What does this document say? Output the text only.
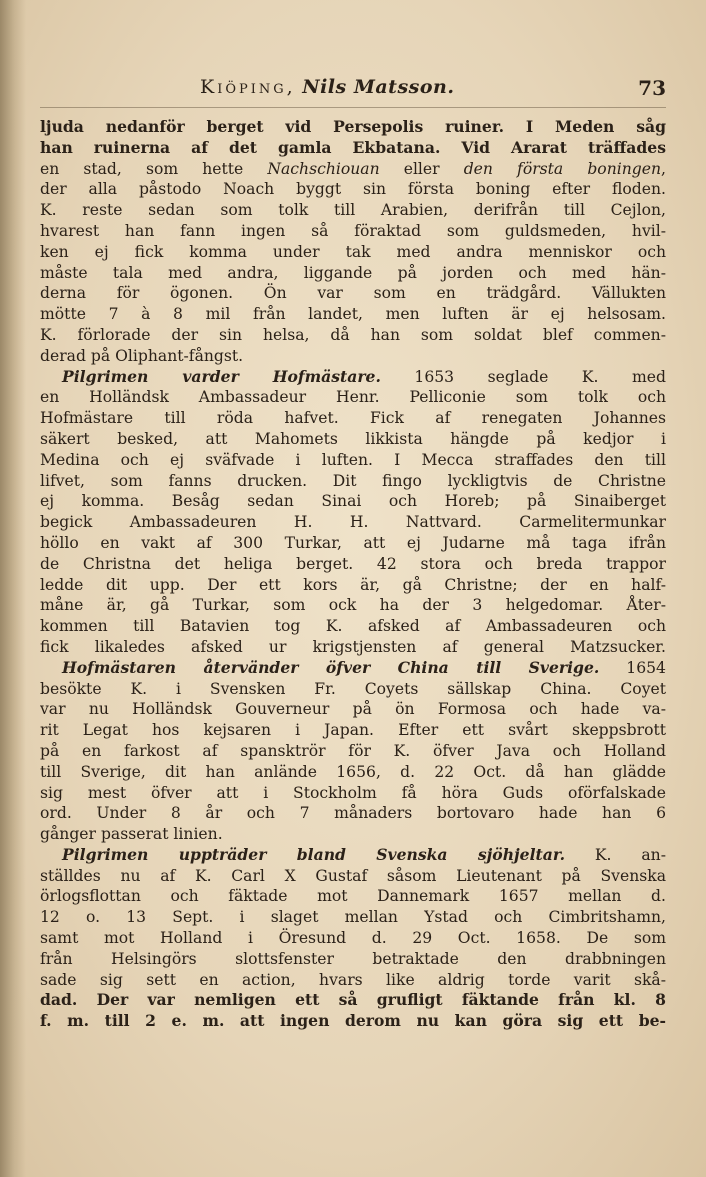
Kiöping, Nils Matsson.	73
ljuda nedanför berget vid Persepolis ruiner. I Meden såg
han ruinerna af det gamla Ekbatana. Vid Ararat träffades
en stad, som hette Nachschiouan eller den första boningen,
der alla påstodo Noach byggt sin första boning efter floden.
K. reste sedan som tolk till Arabien, derifrån till Cejlon,
hvarest han fann ingen så föraktad som guldsmeden, hvil-
ken ej fick komma under tak med andra menniskor och
måste tala med andra, liggande på jorden och med hän-
derna för ögonen. Ön var som en trädgård. Vällukten
mötte 7 à 8 mil från landet, men luften är ej helsosam.
K. förlorade der sin helsa, då han som soldat blef commen-
derad på Oliphant-fångst.
Pilgrimen varder Hofmästare. 1653 seglade K. med
en Holländsk Ambassadeur Henr. Pelliconie som tolk och
Hofmästare till röda hafvet. Fick af renegaten Johannes
säkert besked, att Mahomets likkista hängde på kedjor i
Medina och ej sväfvade i luften. I Mecca straffades den till
lifvet, som fanns drucken. Dit fingo lyckligtvis de Christne
ej komma. Besåg sedan Sinai och Horeb; på Sinaiberget
begick Ambassadeuren H. H. Nattvard. Carmelitermunkar
höllo en vakt af 300 Turkar, att ej Judarne må taga ifrån
de Christna det heliga berget. 42 stora och breda trappor
ledde dit upp. Der ett kors är, gå Christne; der en half-
måne är, gå Turkar, som ock ha der 3 helgedomar. Åter-
kommen till Batavien tog K. afsked af Ambassadeuren och
fick likaledes afsked ur krigstjensten af general Matzsucker.
Hofmästaren återvänder öfver China till Sverige. 1654
besökte K. i Svensken Fr. Coyets sällskap China. Coyet
var nu Holländsk Gouverneur på ön Formosa och hade va-
rit Legat hos kejsaren i Japan. Efter ett svårt skeppsbrott
på en farkost af spansktrör för K. öfver Java och Holland
till Sverige, dit han anlände 1656, d. 22 Oct. då han glädde
sig mest öfver att i Stockholm få höra Guds oförfalskade
ord. Under 8 år och 7 månaders bortovaro hade han 6
gånger passerat linien.
Pilgrimen uppträder bland Svenska sjöhjeltar. K. an-
ställdes nu af K. Carl X Gustaf såsom Lieutenant på Svenska
örlogsflottan och fäktade mot Dannemark 1657 mellan d.
12 o. 13 Sept. i slaget mellan Ystad och Cimbritshamn,
samt mot Holland i Öresund d. 29 Oct. 1658. De som
från Helsingörs slottsfenster betraktade den drabbningen
sade sig sett en action, hvars like aldrig torde varit skå-
dad. Der var nemligen ett så grufligt fäktande från kl. 8
f. m. till 2 e. m. att ingen derom nu kan göra sig ett be-
